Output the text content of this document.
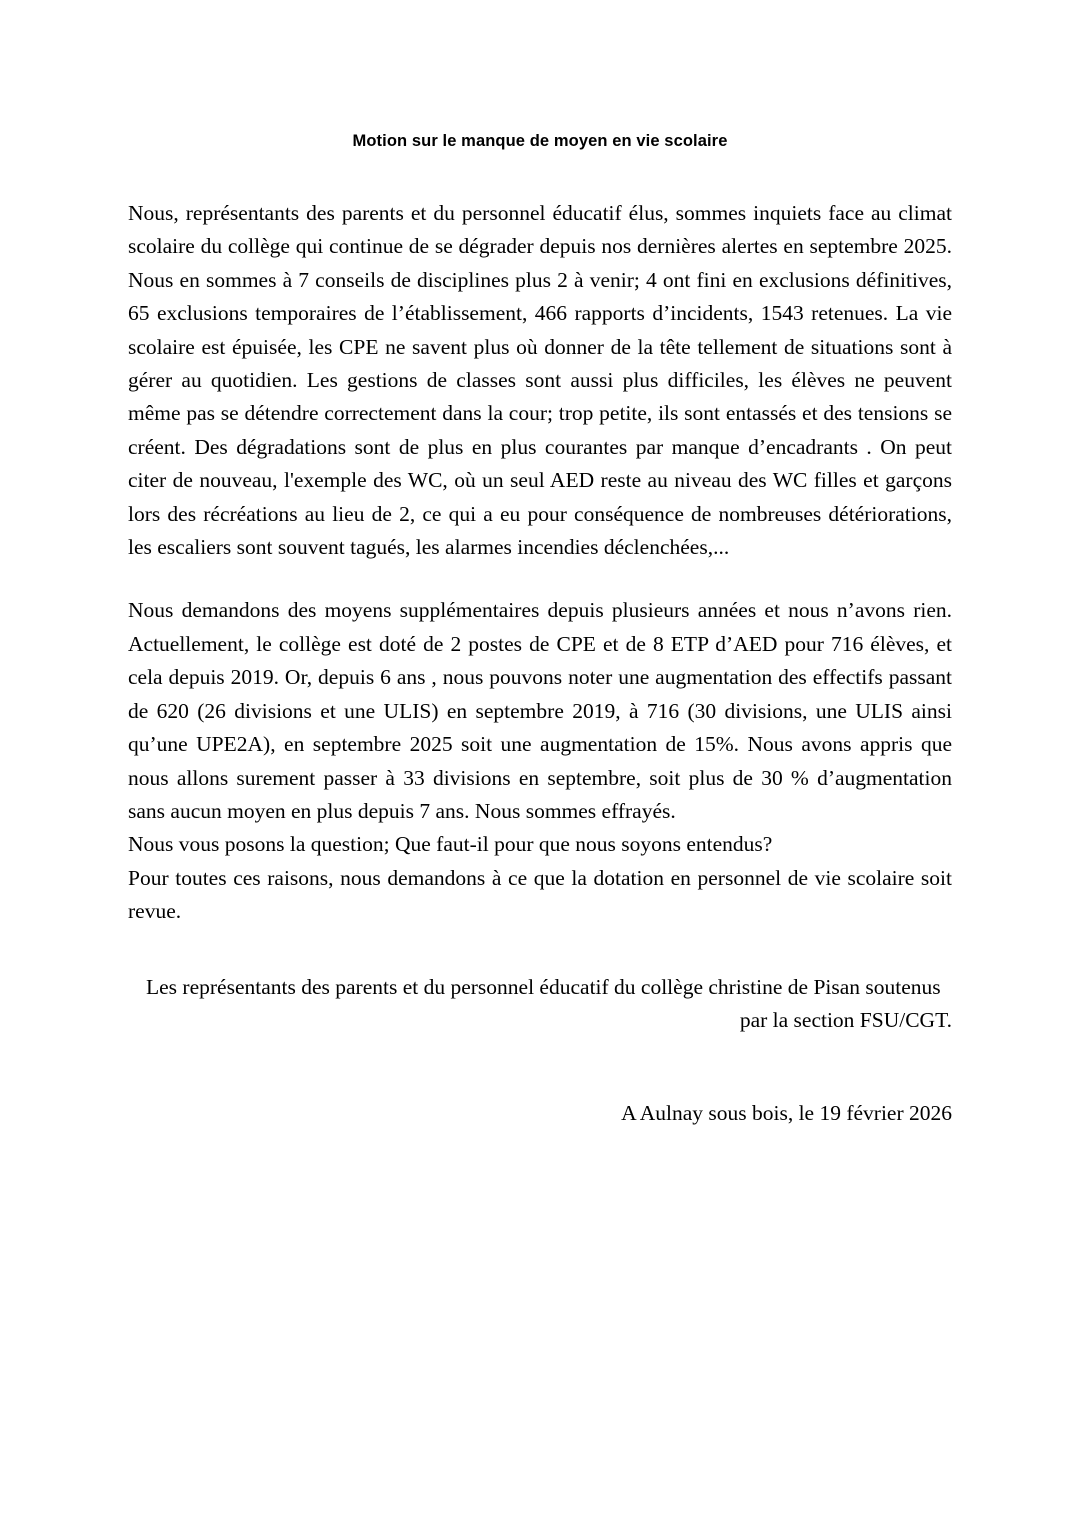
Motion sur le manque de moyen en vie scolaire

Nous, représentants des parents et du personnel éducatif élus, sommes inquiets face au climat scolaire du collège qui continue de se dégrader depuis nos dernières alertes en septembre 2025. Nous en sommes à 7 conseils de disciplines plus 2 à venir; 4 ont fini en exclusions définitives, 65 exclusions temporaires de l’établissement, 466 rapports d’incidents, 1543 retenues. La vie scolaire est épuisée, les CPE ne savent plus où donner de la tête tellement de situations sont à gérer au quotidien. Les gestions de classes sont aussi plus difficiles, les élèves ne peuvent même pas se détendre correctement dans la cour; trop petite, ils sont entassés et des tensions se créent. Des dégradations sont de plus en plus courantes par manque d’encadrants . On peut citer de nouveau, l'exemple des WC, où un seul AED reste au niveau des WC filles et garçons lors des récréations au lieu de 2, ce qui a eu pour conséquence de nombreuses détériorations, les escaliers sont souvent tagués, les alarmes incendies déclenchées,...

Nous demandons des moyens supplémentaires depuis plusieurs années et nous n’avons rien. Actuellement, le collège est doté de 2 postes de CPE et de 8 ETP d’AED pour 716 élèves, et cela depuis 2019. Or, depuis 6 ans , nous pouvons noter une augmentation des effectifs passant de 620 (26 divisions et une ULIS) en septembre 2019, à 716 (30 divisions, une ULIS ainsi qu’une UPE2A), en septembre 2025 soit une augmentation de 15%. Nous avons appris que nous allons surement passer à 33 divisions en septembre, soit plus de 30 % d’augmentation sans aucun moyen en plus depuis 7 ans. Nous sommes effrayés.

Nous vous posons la question; Que faut-il pour que nous soyons entendus?

Pour toutes ces raisons, nous demandons à ce que la dotation en personnel de vie scolaire soit revue.

Les représentants des parents et du personnel éducatif du collège christine de Pisan soutenus
par la section FSU/CGT.

A Aulnay sous bois, le 19 février 2026
